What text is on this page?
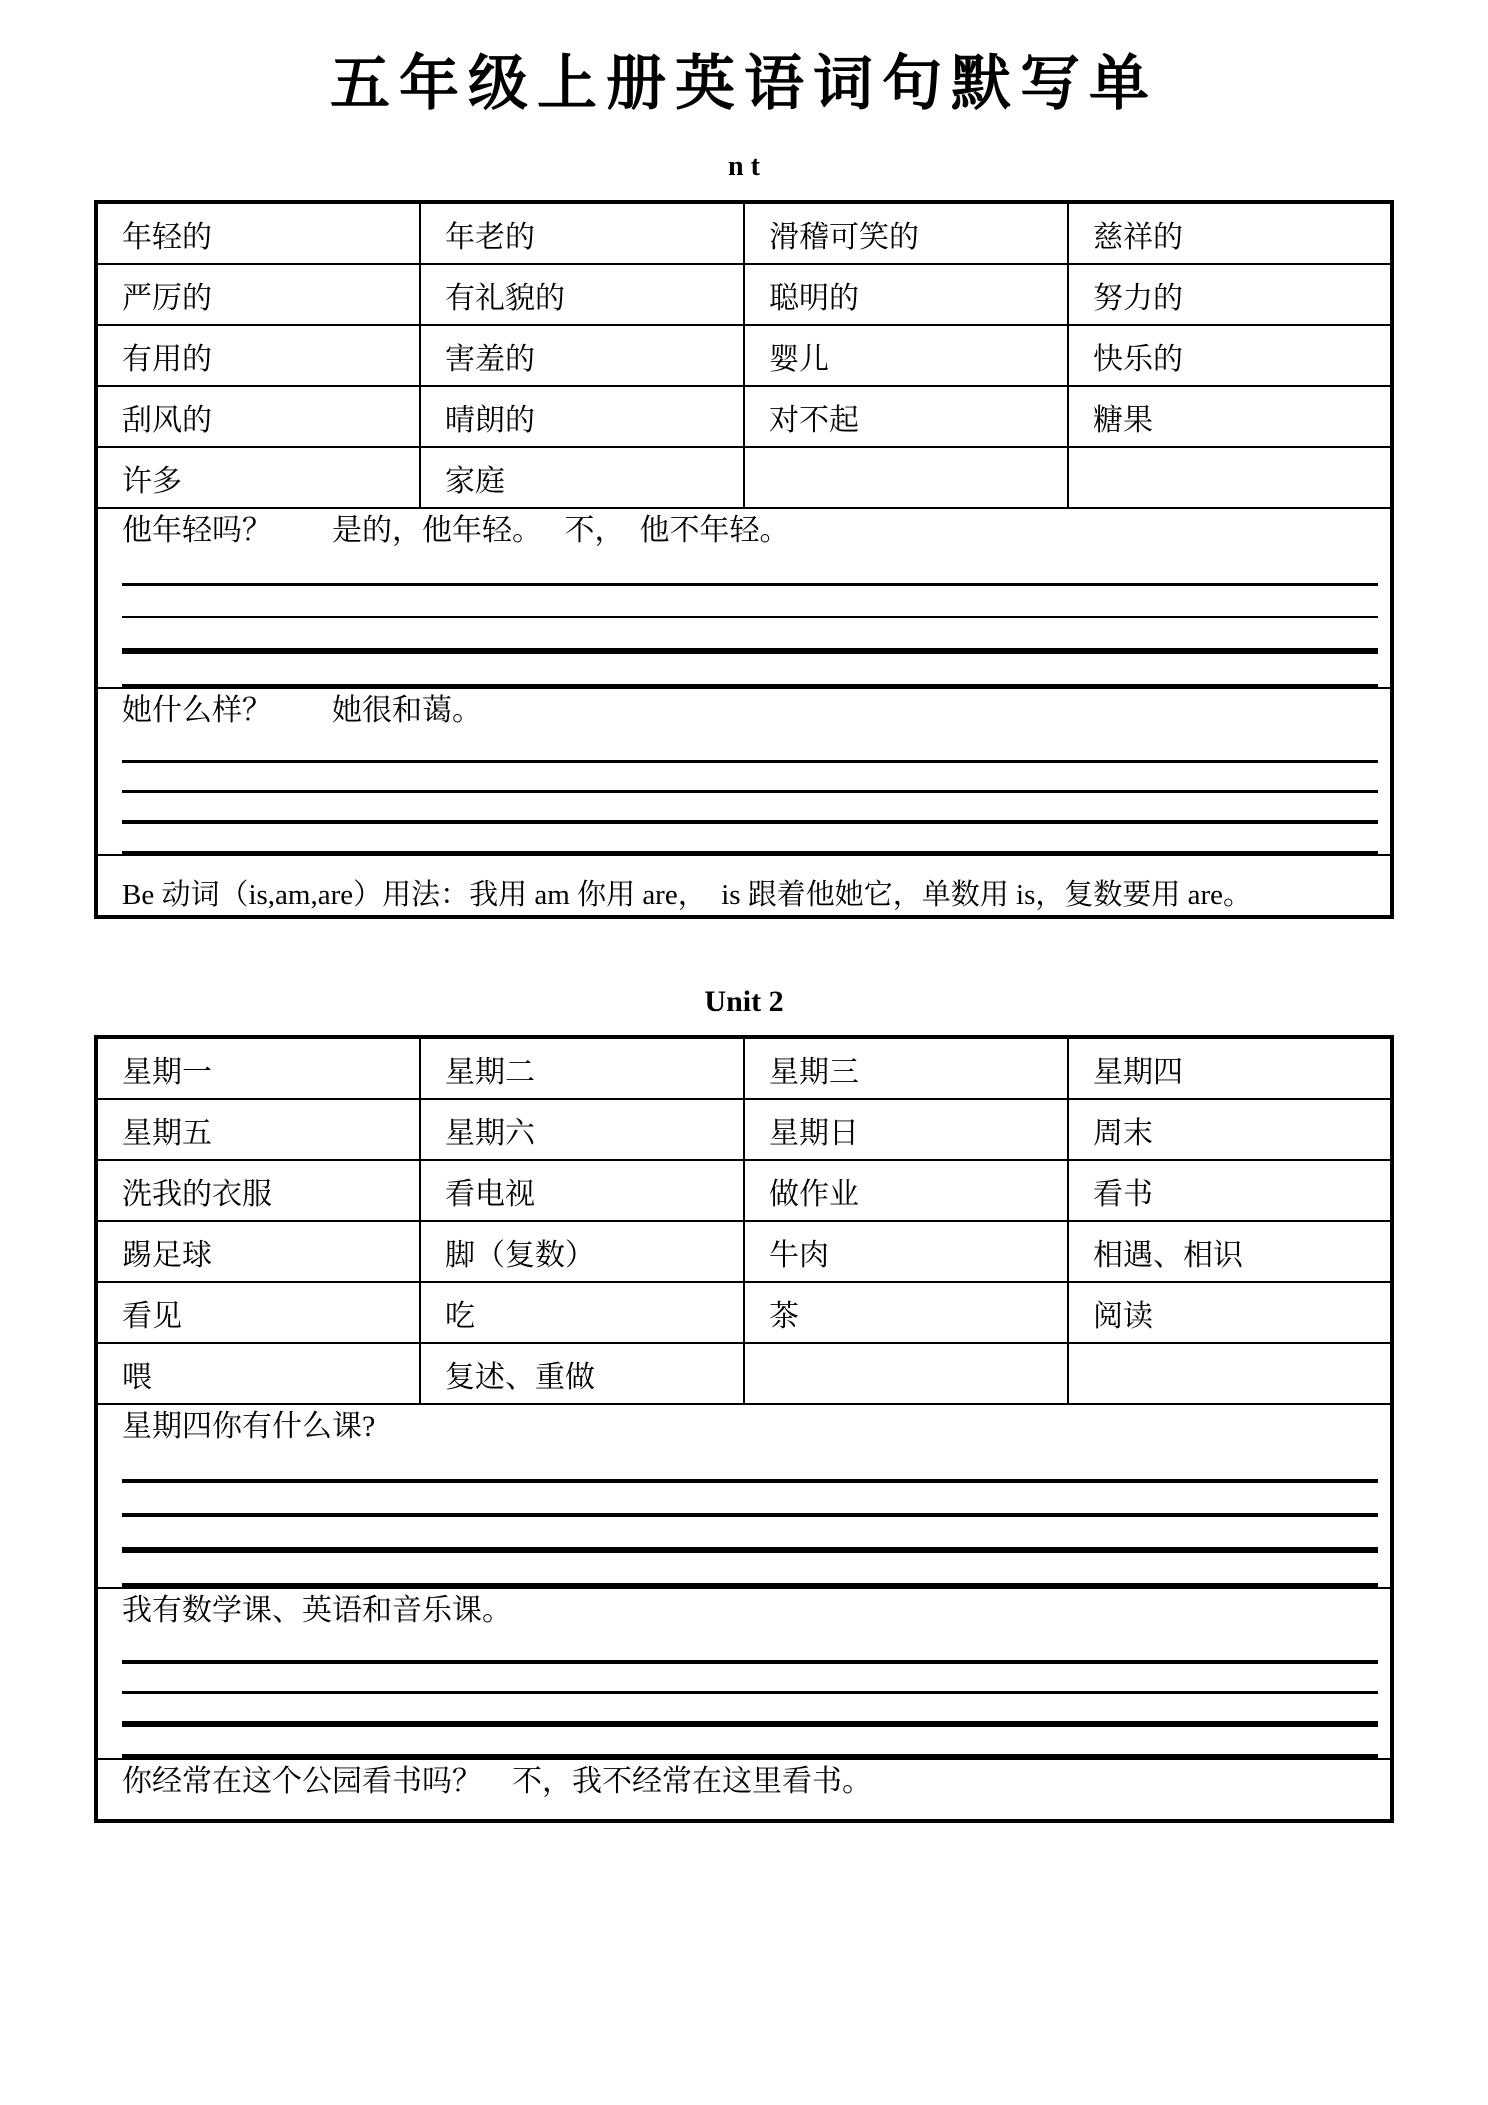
五年级上册英语词句默写单
n t
年轻的	年老的	滑稽可笑的	慈祥的
严厉的	有礼貌的	聪明的	努力的
有用的	害羞的	婴儿	快乐的
刮风的	晴朗的	对不起	糖果
许多	家庭		

他年轻吗？　　是的，他年轻。　 不，　他不年轻。			

她什么样？　　她很和蔼。			

Be 动词（is,am,are）用法：我用 am 你用 are，　is 跟着他她它，单数用 is，复数要用 are。			
Unit 2
星期一	星期二	星期三	星期四
星期五	星期六	星期日	周末
洗我的衣服	看电视	做作业	看书
踢足球	脚（复数）	牛肉	相遇、相识
看见	吃	茶	阅读
喂	复述、重做		

星期四你有什么课?			

我有数学课、英语和音乐课。			

你经常在这个公园看书吗？　不，我不经常在这里看书。			
